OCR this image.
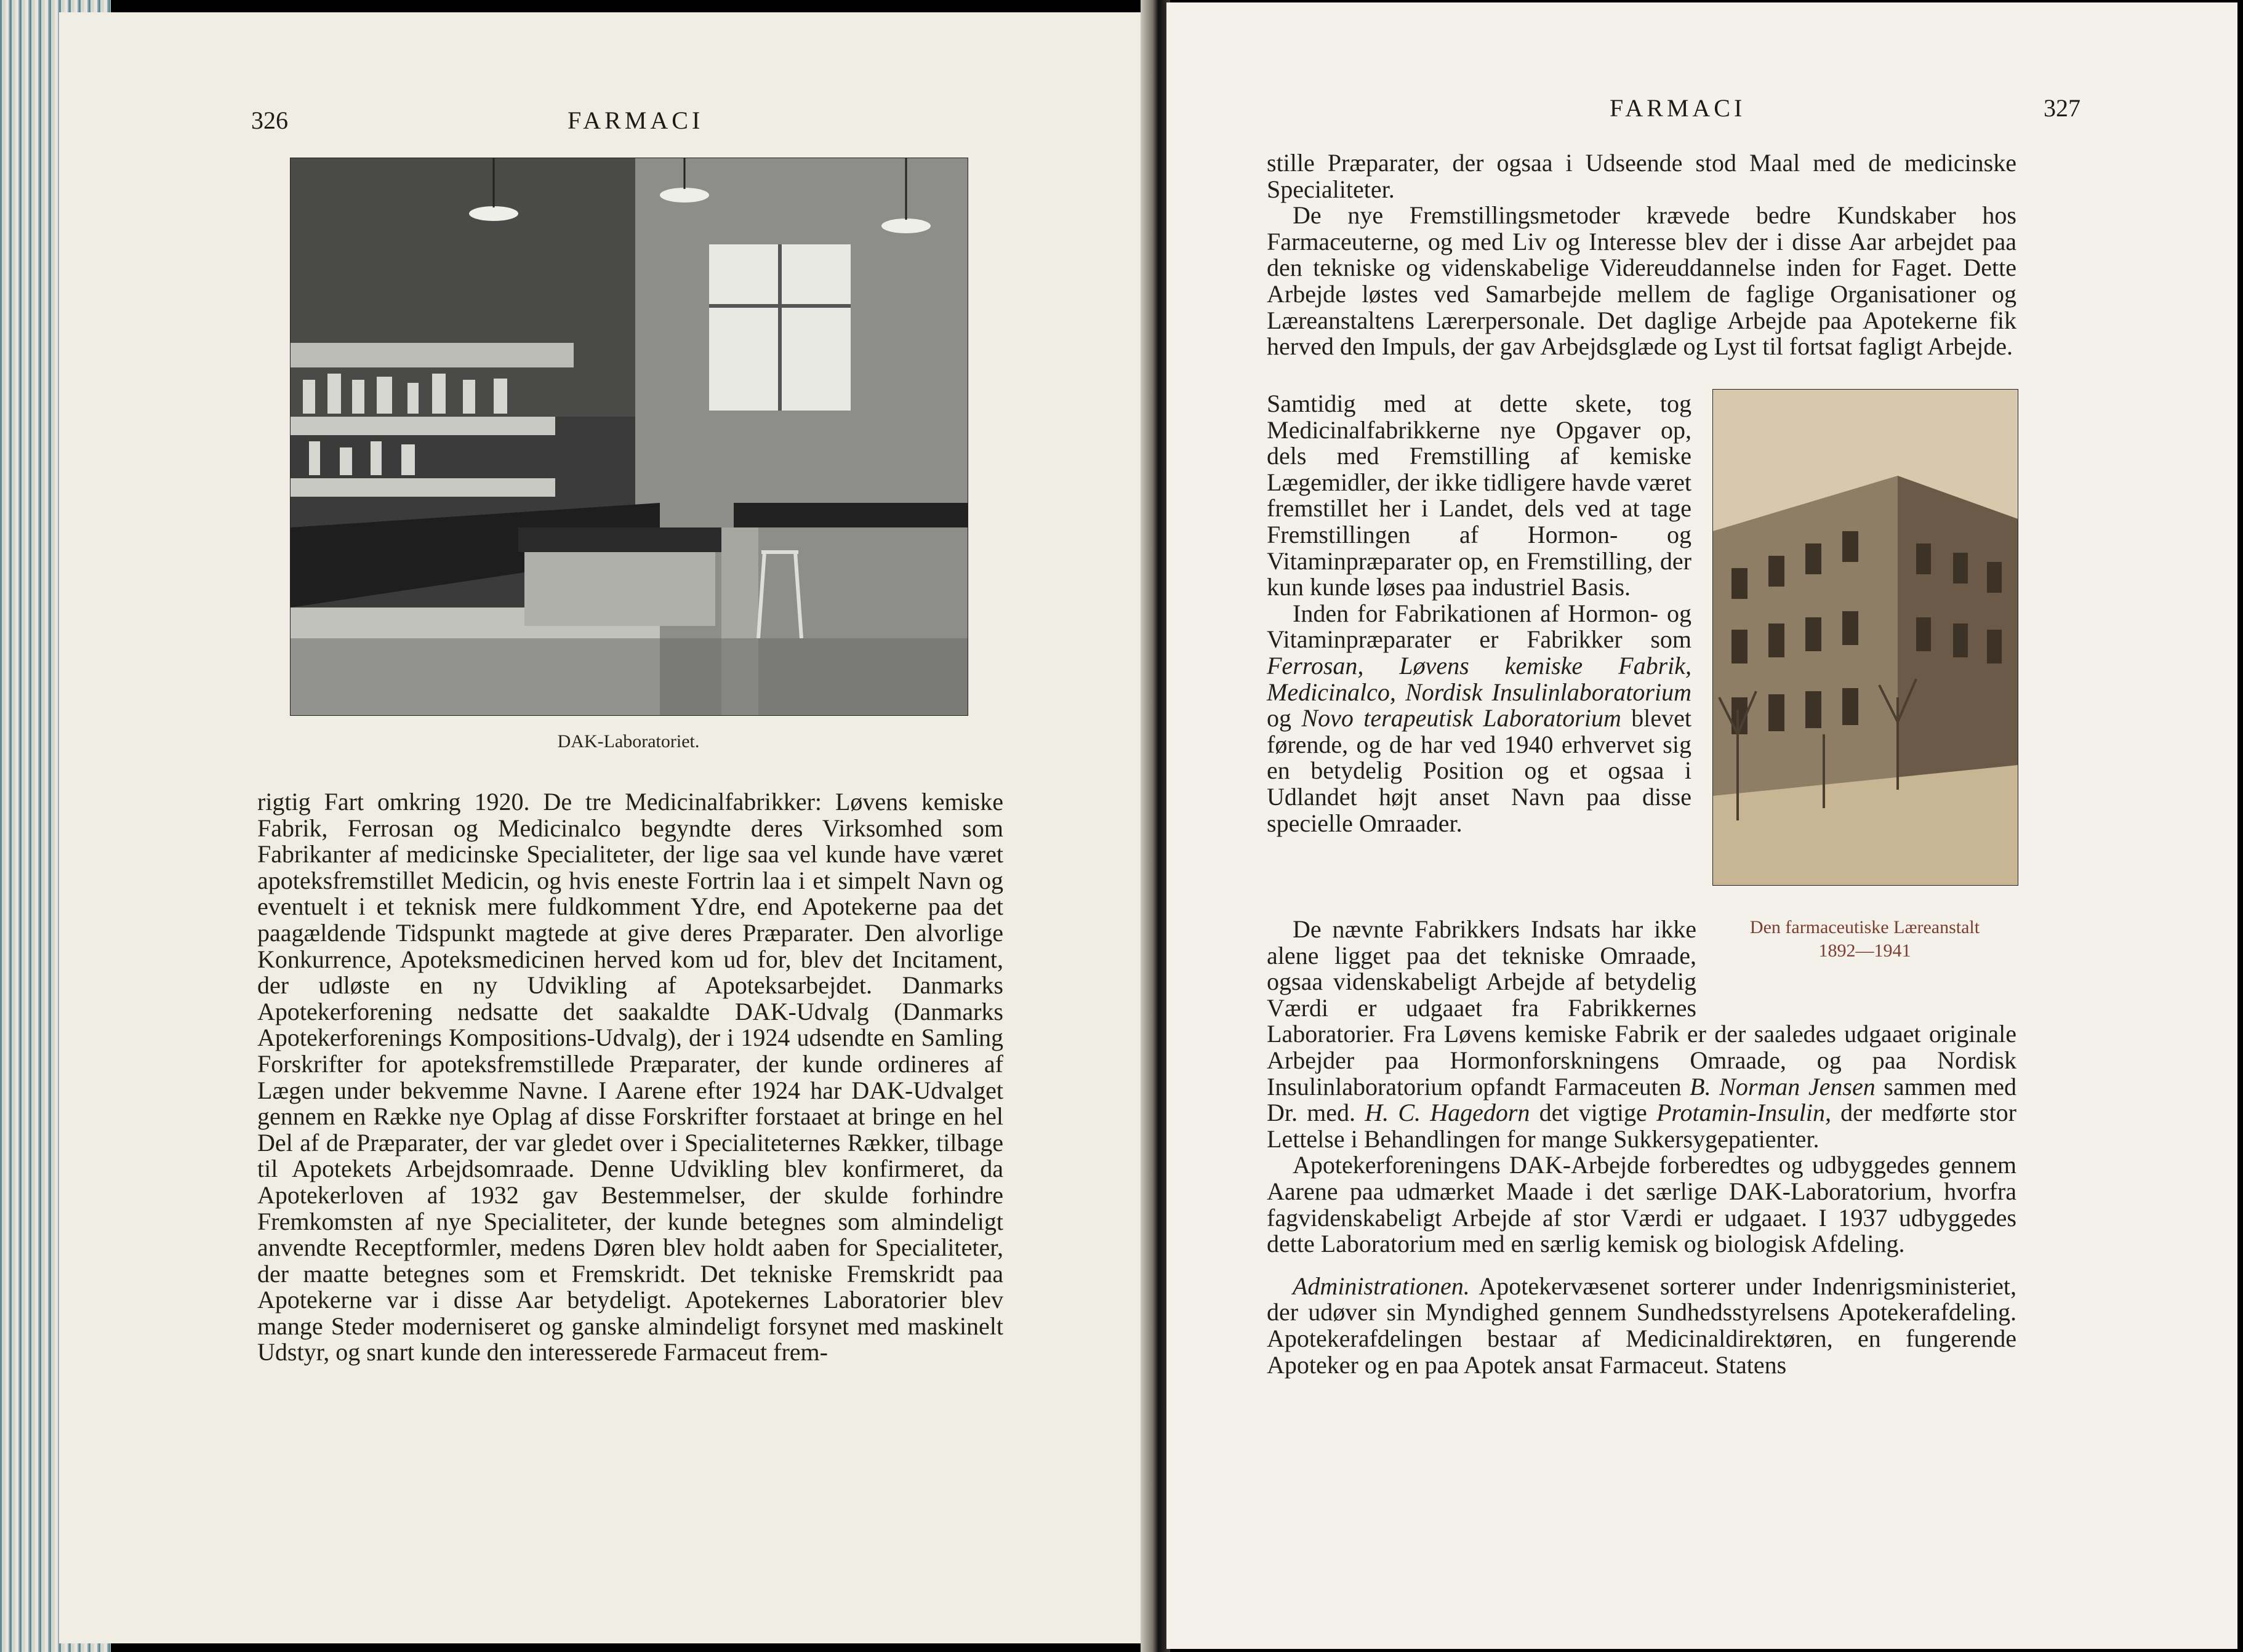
326	FARMACI
DAK-Laboratoriet.

rigtig Fart omkring 1920. De tre Medicinalfabrikker: Løvens kemiske Fabrik, Ferrosan og Medicinalco begyndte deres Virksomhed som Fabrikanter af medicinske Specialiteter, der lige saa vel kunde have været apoteksfremstillet Medicin, og hvis eneste Fortrin laa i et simpelt Navn og eventuelt i et teknisk mere fuldkomment Ydre, end Apotekerne paa det paagældende Tidspunkt magtede at give deres Præparater. Den alvorlige Konkurrence, Apoteksmedicinen herved kom ud for, blev det Incitament, der udløste en ny Udvikling af Apoteksarbejdet. Danmarks Apotekerforening nedsatte det saakaldte DAK-Udvalg (Danmarks Apotekerforenings Kompositions-Udvalg), der i 1924 udsendte en Samling Forskrifter for apoteksfremstillede Præparater, der kunde ordineres af Lægen under bekvemme Navne. I Aarene efter 1924 har DAK-Udvalget gennem en Række nye Oplag af disse Forskrifter forstaaet at bringe en hel Del af de Præparater, der var gledet over i Specialiteternes Rækker, tilbage til Apotekets Arbejdsomraade. Denne Udvikling blev konfirmeret, da Apotekerloven af 1932 gav Bestemmelser, der skulde forhindre Fremkomsten af nye Specialiteter, der kunde betegnes som almindeligt anvendte Receptformler, medens Døren blev holdt aaben for Specialiteter, der maatte betegnes som et Fremskridt. Det tekniske Fremskridt paa Apotekerne var i disse Aar betydeligt. Apotekernes Laboratorier blev mange Steder moderniseret og ganske almindeligt forsynet med maskinelt Udstyr, og snart kunde den interesserede Farmaceut frem-

FARMACI	327

stille Præparater, der ogsaa i Udseende stod Maal med de medicinske Specialiteter.

De nye Fremstillingsmetoder krævede bedre Kundskaber hos Farmaceuterne, og med Liv og Interesse blev der i disse Aar arbejdet paa den tekniske og videnskabelige Videreuddannelse inden for Faget. Dette Arbejde løstes ved Samarbejde mellem de faglige Organisationer og Læreanstaltens Lærerpersonale. Det daglige Arbejde paa Apotekerne fik herved den Impuls, der gav Arbejdsglæde og Lyst til fortsat fagligt Arbejde.

Den farmaceutiske Læreanstalt
1892—1941

Samtidig med at dette skete, tog Medicinalfabrikkerne nye Opgaver op, dels med Fremstilling af kemiske Lægemidler, der ikke tidligere havde været fremstillet her i Landet, dels ved at tage Fremstillingen af Hormon- og Vitaminpræparater op, en Fremstilling, der kun kunde løses paa industriel Basis.

Inden for Fabrikationen af Hormon- og Vitaminpræparater er Fabrikker som Ferrosan, Løvens kemiske Fabrik, Medicinalco, Nordisk Insulinlaboratorium og Novo terapeutisk Laboratorium blevet førende, og de har ved 1940 erhvervet sig en betydelig Position og et ogsaa i Udlandet højt anset Navn paa disse specielle Omraader.

De nævnte Fabrikkers Indsats har ikke alene ligget paa det tekniske Omraade, ogsaa videnskabeligt Arbejde af betydelig Værdi er udgaaet fra Fabrikkernes Laboratorier. Fra Løvens kemiske Fabrik er der saaledes udgaaet originale Arbejder paa Hormonforskningens Omraade, og paa Nordisk Insulinlaboratorium opfandt Farmaceuten B. Norman Jensen sammen med Dr. med. H. C. Hagedorn det vigtige Protamin-Insulin, der medførte stor Lettelse i Behandlingen for mange Sukkersygepatienter.

Apotekerforeningens DAK-Arbejde forberedtes og udbyggedes gennem Aarene paa udmærket Maade i det særlige DAK-Laboratorium, hvorfra fagvidenskabeligt Arbejde af stor Værdi er udgaaet. I 1937 udbyggedes dette Laboratorium med en særlig kemisk og biologisk Afdeling.

Administrationen. Apotekervæsenet sorterer under Indenrigsministeriet, der udøver sin Myndighed gennem Sundhedsstyrelsens Apotekerafdeling. Apotekerafdelingen bestaar af Medicinaldirektøren, en fungerende Apoteker og en paa Apotek ansat Farmaceut. Statens
